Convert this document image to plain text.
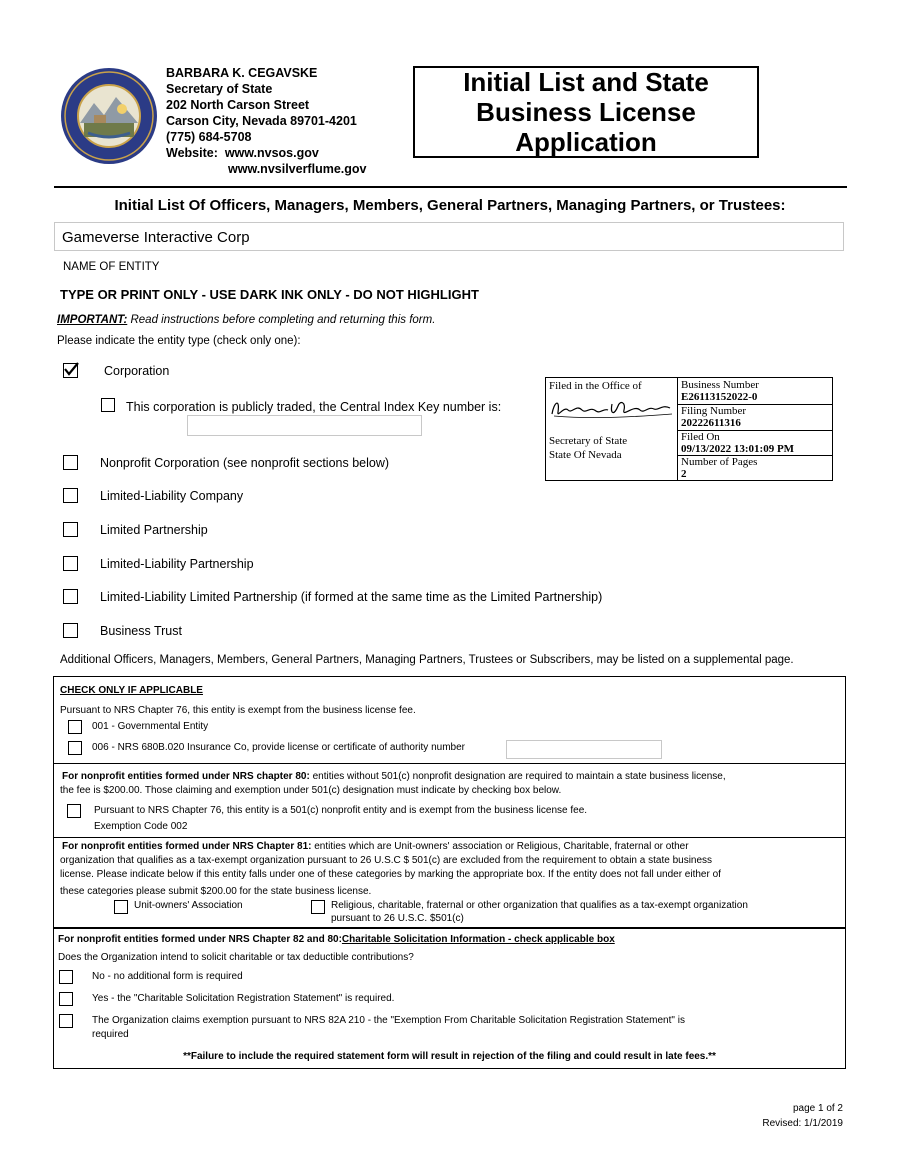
BARBARA K. CEGAVSKE
Secretary of State
202 North Carson Street
Carson City, Nevada 89701-4201
(775) 684-5708
Website: www.nvsos.gov
www.nvsilverflume.gov
Initial List and State
Business License
Application
Initial List Of Officers, Managers, Members, General Partners, Managing Partners, or Trustees:
Gameverse Interactive Corp
NAME OF ENTITY
TYPE OR PRINT ONLY - USE DARK INK ONLY - DO NOT HIGHLIGHT
IMPORTANT: Read instructions before completing and returning this form.
Please indicate the entity type (check only one):
Corporation
This corporation is publicly traded, the Central Index Key number is:
Nonprofit Corporation (see nonprofit sections below)
Limited-Liability Company
Limited Partnership
Limited-Liability Partnership
Limited-Liability Limited Partnership (if formed at the same time as the Limited Partnership)
Business Trust
Additional Officers, Managers, Members, General Partners, Managing Partners, Trustees or Subscribers, may be listed on a supplemental page.
Filed in the Office of
Secretary of State
State Of Nevada
Business Number
E26113152022-0
Filing Number
20222611316
Filed On
09/13/2022 13:01:09 PM
Number of Pages
2
CHECK ONLY IF APPLICABLE
Pursuant to NRS Chapter 76, this entity is exempt from the business license fee.
001 - Governmental Entity
006 - NRS 680B.020 Insurance Co, provide license or certificate of authority number
For nonprofit entities formed under NRS chapter 80: entities without 501(c) nonprofit designation are required to maintain a state business license,
the fee is $200.00. Those claiming and exemption under 501(c) designation must indicate by checking box below.
Pursuant to NRS Chapter 76, this entity is a 501(c) nonprofit entity and is exempt from the business license fee.
Exemption Code 002
For nonprofit entities formed under NRS Chapter 81: entities which are Unit-owners' association or Religious, Charitable, fraternal or other
organization that qualifies as a tax-exempt organization pursuant to 26 U.S.C $ 501(c) are excluded from the requirement to obtain a state business
license. Please indicate below if this entity falls under one of these categories by marking the appropriate box. If the entity does not fall under either of
these categories please submit $200.00 for the state business license.
Unit-owners' Association	Religious, charitable, fraternal or other organization that qualifies as a tax-exempt organization
pursuant to 26 U.S.C. $501(c)
For nonprofit entities formed under NRS Chapter 82 and 80:Charitable Solicitation Information - check applicable box
Does the Organization intend to solicit charitable or tax deductible contributions?
No - no additional form is required
Yes - the "Charitable Solicitation Registration Statement" is required.
The Organization claims exemption pursuant to NRS 82A 210 - the "Exemption From Charitable Solicitation Registration Statement" is
required
**Failure to include the required statement form will result in rejection of the filing and could result in late fees.**
page 1 of 2
Revised: 1/1/2019
